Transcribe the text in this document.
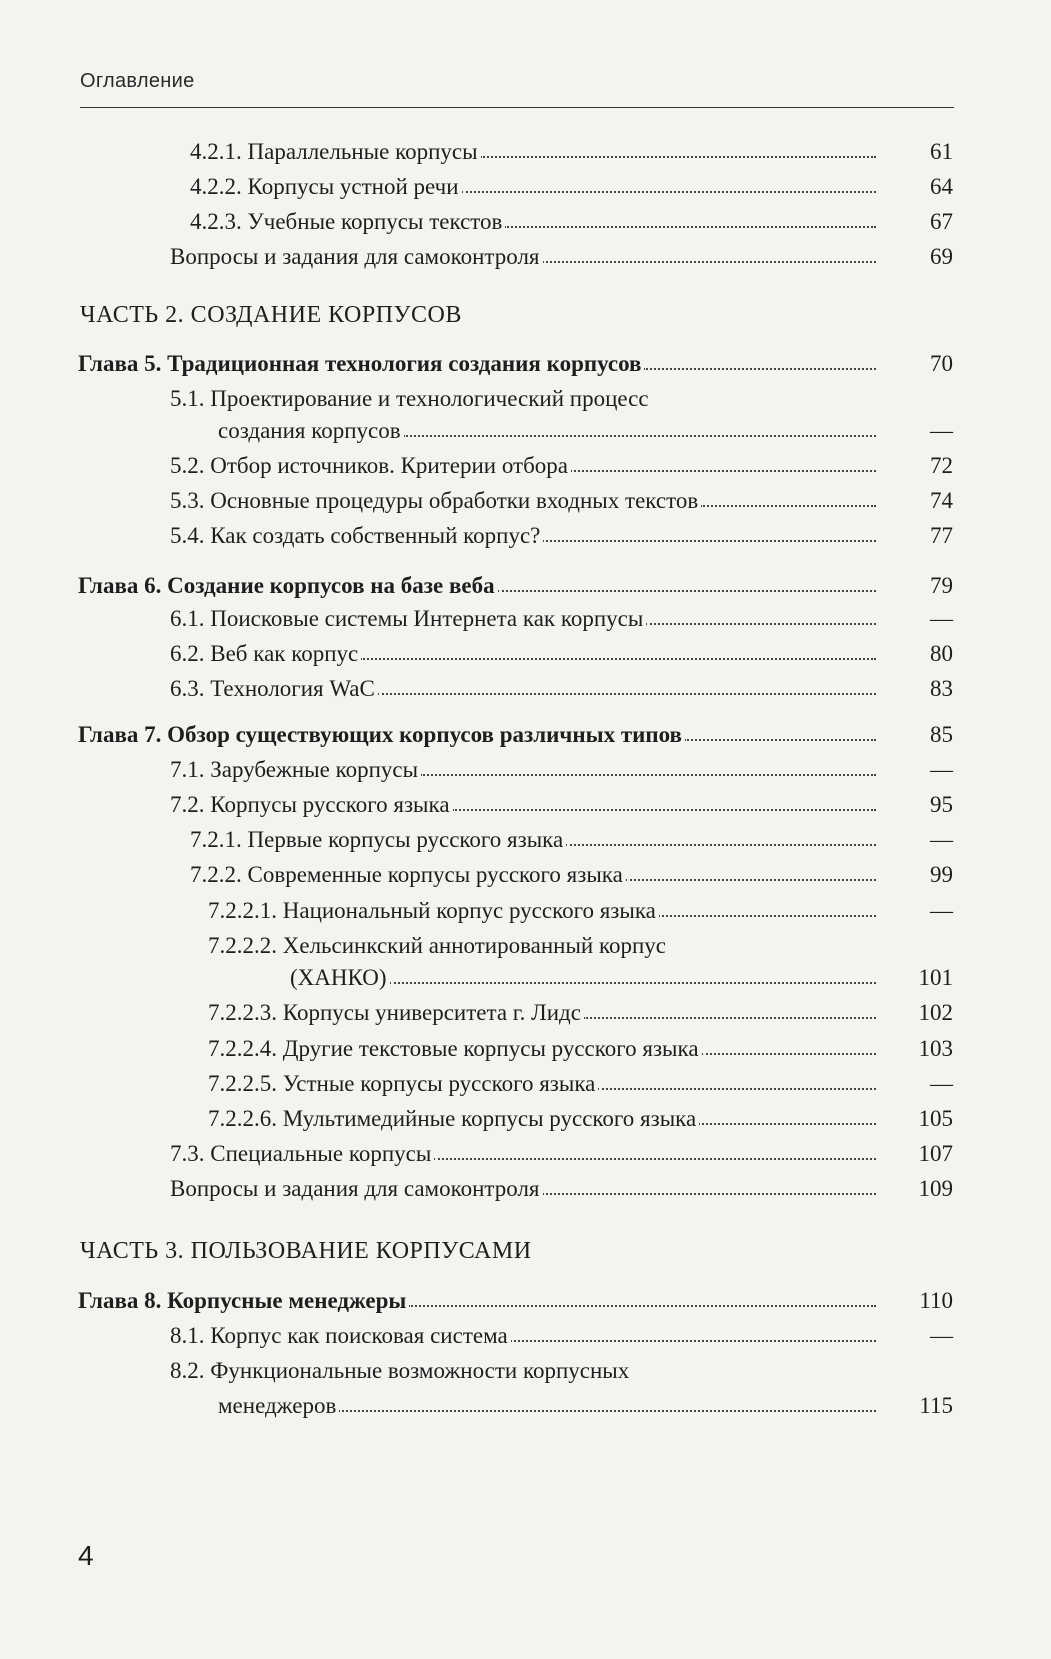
Оглавление
ЧАСТЬ 2. СОЗДАНИЕ КОРПУСОВ
ЧАСТЬ 3. ПОЛЬЗОВАНИЕ КОРПУСАМИ
4.2.1. Параллельные корпусы	61
4.2.2. Корпусы устной речи	64
4.2.3. Учебные корпусы текстов	67
Вопросы и задания для самоконтроля	69
Глава 5. Традиционная технология создания корпусов	70
5.1. Проектирование и технологический процесс
создания корпусов	—
5.2. Отбор источников. Критерии отбора	72
5.3. Основные процедуры обработки входных текстов	74
5.4. Как создать собственный корпус?	77
Глава 6. Создание корпусов на базе веба	79
6.1. Поисковые системы Интернета как корпусы	—
6.2. Веб как корпус	80
6.3. Технология WaC	83
Глава 7. Обзор существующих корпусов различных типов	85
7.1. Зарубежные корпусы	—
7.2. Корпусы русского языка	95
7.2.1. Первые корпусы русского языка	—
7.2.2. Современные корпусы русского языка	99
7.2.2.1. Национальный корпус русского языка	—
7.2.2.2. Хельсинкский аннотированный корпус
(ХАНКО)	101
7.2.2.3. Корпусы университета г. Лидс	102
7.2.2.4. Другие текстовые корпусы русского языка	103
7.2.2.5. Устные корпусы русского языка	—
7.2.2.6. Мультимедийные корпусы русского языка	105
7.3. Специальные корпусы	107
Вопросы и задания для самоконтроля	109
Глава 8. Корпусные менеджеры	110
8.1. Корпус как поисковая система	—
8.2. Функциональные возможности корпусных
менеджеров	115
4
